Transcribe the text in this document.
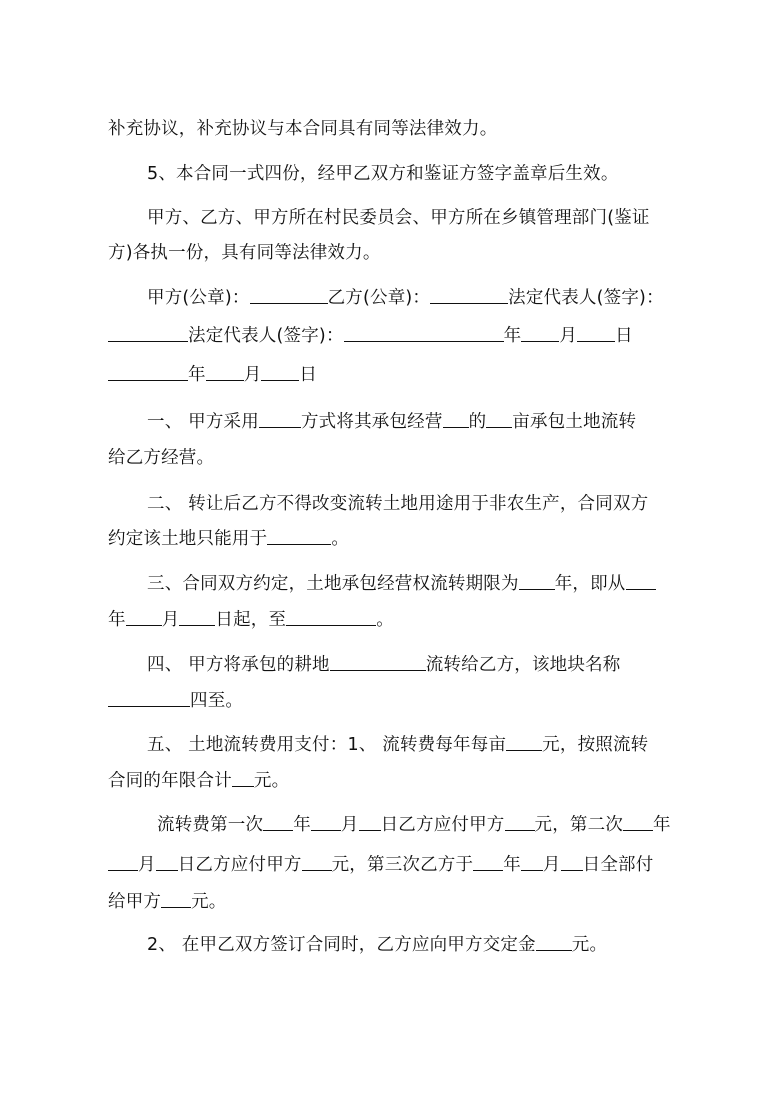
补充协议，补充协议与本合同具有同等法律效力。
5、本合同一式四份，经甲乙双方和鉴证方签字盖章后生效。
甲方、乙方、甲方所在村民委员会、甲方所在乡镇管理部门(鉴证
方)各执一份，具有同等法律效力。
甲方(公章)：	乙方(公章)：	法定代表人(签字)：
法定代表人(签字)：	年 月 日
年 月 日
一、 甲方采用 方式将其承包经营 的 亩承包土地流转
给乙方经营。
二、 转让后乙方不得改变流转土地用途用于非农生产，合同双方
约定该土地只能用于	。
三、合同双方约定，土地承包经营权流转期限为 年，即从
年 月 日起，至	。
四、 甲方将承包的耕地	流转给乙方，该地块名称
四至。
五、 土地流转费用支付：1、 流转费每年每亩 元，按照流转
合同的年限合计 元。
流转费第一次 年 月 日乙方应付甲方 元，第二次 年
月 日乙方应付甲方 元，第三次乙方于 年 月 日全部付
给甲方 元。
2、 在甲乙双方签订合同时，乙方应向甲方交定金 元。
